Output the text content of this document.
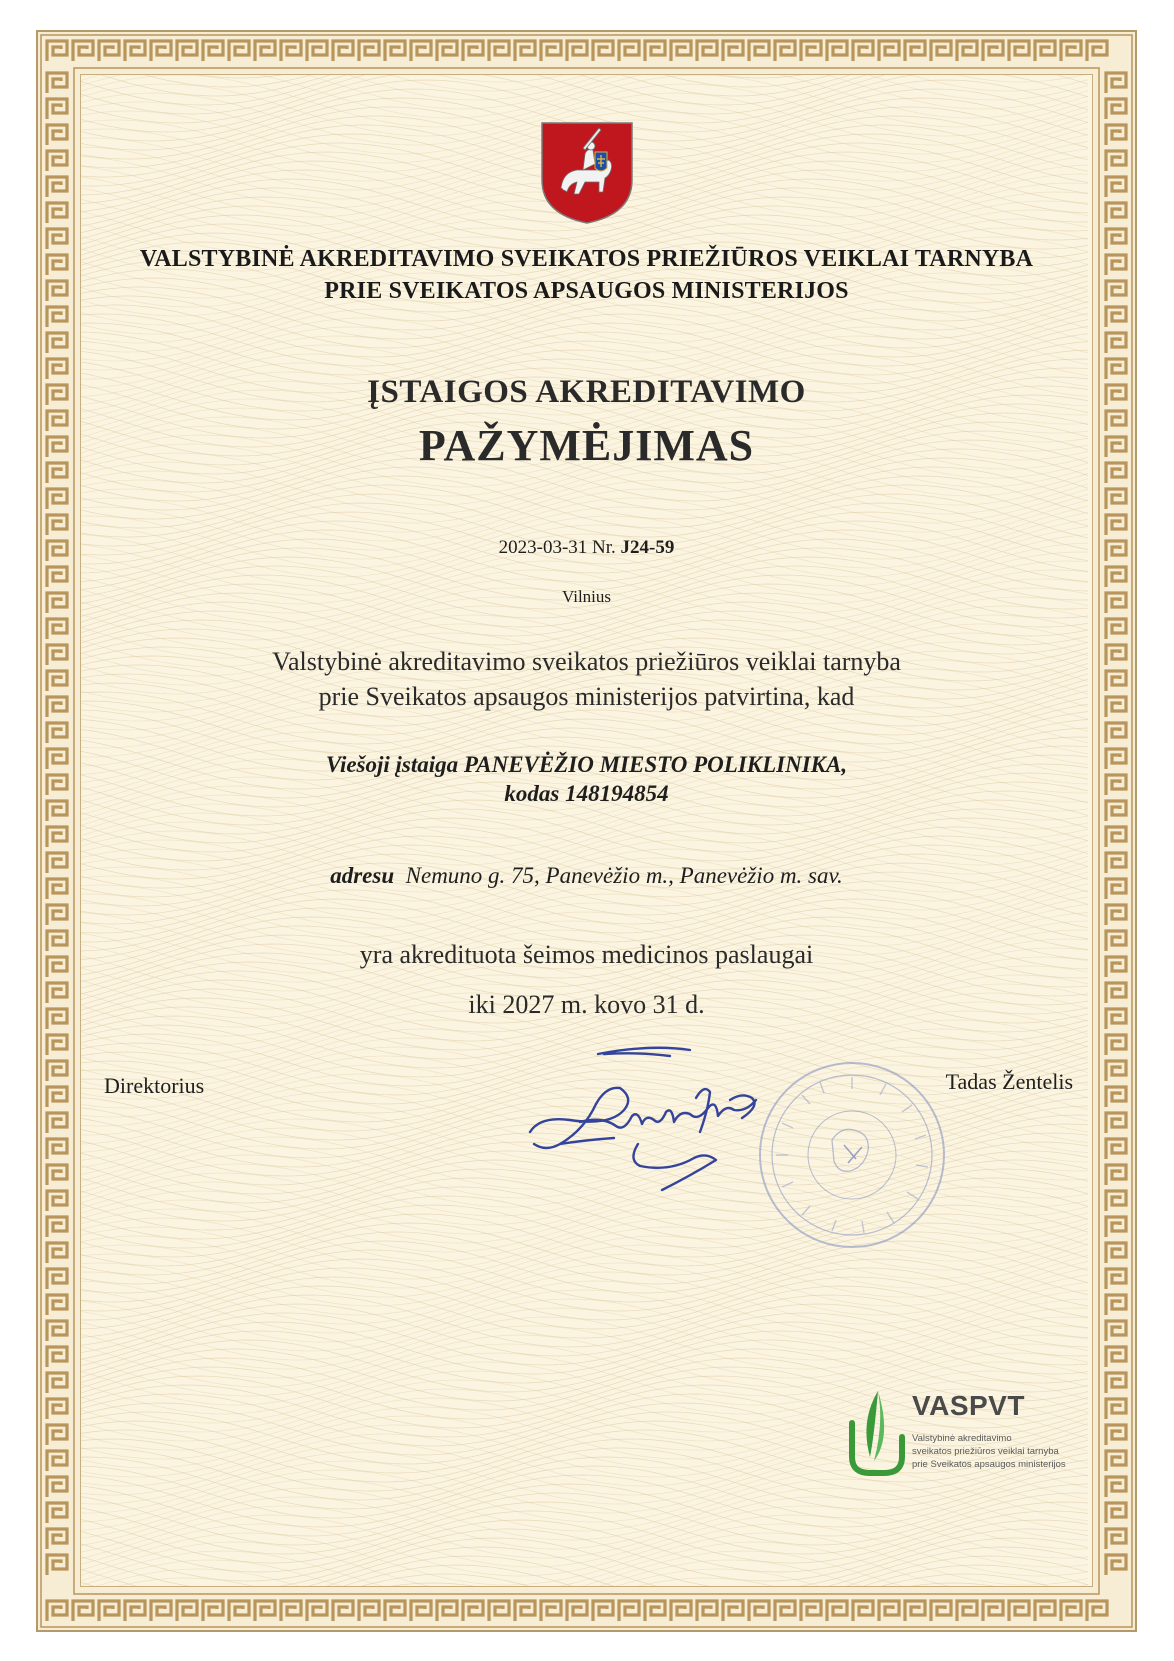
VALSTYBINĖ AKREDITAVIMO SVEIKATOS PRIEŽIŪROS VEIKLAI TARNYBA
PRIE SVEIKATOS APSAUGOS MINISTERIJOS
ĮSTAIGOS AKREDITAVIMO
PAŽYMĖJIMAS
2023-03-31 Nr. J24-59
Vilnius
Valstybinė akreditavimo sveikatos priežiūros veiklai tarnyba
prie Sveikatos apsaugos ministerijos patvirtina, kad
Viešoji įstaiga PANEVĖŽIO MIESTO POLIKLINIKA,
kodas 148194854
adresu Nemuno g. 75, Panevėžio m., Panevėžio m. sav.
yra akredituota šeimos medicinos paslaugai
iki 2027 m. kovo 31 d.
Direktorius	Tadas Žentelis
VASPVT
Valstybinė akreditavimo
sveikatos priežiūros veiklai tarnyba
prie Sveikatos apsaugos ministerijos
